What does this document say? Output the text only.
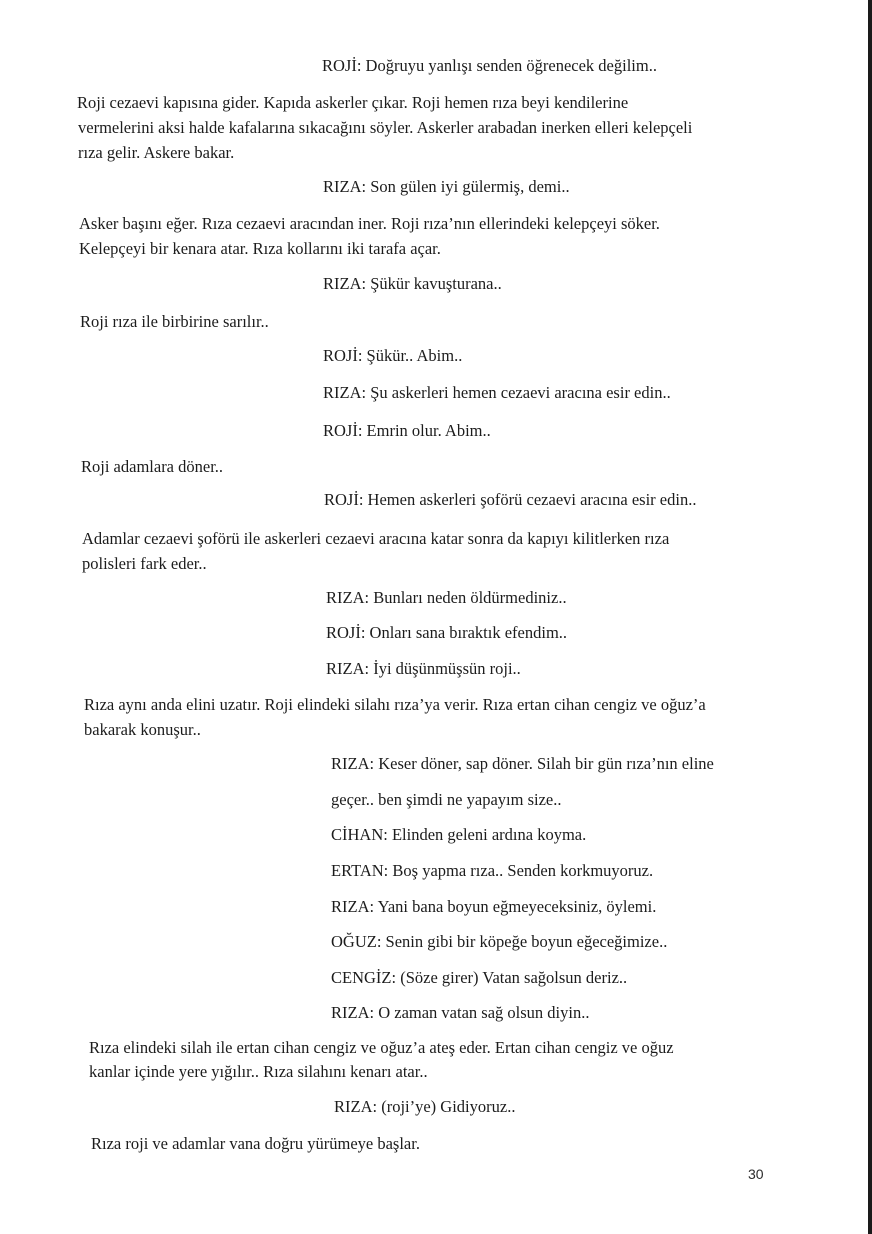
ROJİ: Doğruyu yanlışı senden öğrenecek değilim..
Roji cezaevi kapısına gider. Kapıda askerler çıkar. Roji hemen rıza beyi kendilerine
vermelerini aksi halde kafalarına sıkacağını söyler. Askerler arabadan inerken elleri kelepçeli
rıza gelir. Askere bakar.
RIZA: Son gülen iyi gülermiş, demi..
Asker başını eğer. Rıza cezaevi aracından iner. Roji rıza’nın ellerindeki kelepçeyi söker.
Kelepçeyi bir kenara atar. Rıza kollarını iki tarafa açar.
RIZA: Şükür kavuşturana..
Roji rıza ile birbirine sarılır..
ROJİ: Şükür.. Abim..
RIZA: Şu askerleri hemen cezaevi aracına esir edin..
ROJİ: Emrin olur. Abim..
Roji adamlara döner..
ROJİ: Hemen askerleri şoförü cezaevi aracına esir edin..
Adamlar cezaevi şoförü ile askerleri cezaevi aracına katar sonra da kapıyı kilitlerken rıza
polisleri fark eder..
RIZA: Bunları neden öldürmediniz..
ROJİ: Onları sana bıraktık efendim..
RIZA: İyi düşünmüşsün roji..
Rıza aynı anda elini uzatır. Roji elindeki silahı rıza’ya verir. Rıza ertan cihan cengiz ve oğuz’a
bakarak konuşur..
RIZA: Keser döner, sap döner. Silah bir gün rıza’nın eline
geçer.. ben şimdi ne yapayım size..
CİHAN: Elinden geleni ardına koyma.
ERTAN: Boş yapma rıza.. Senden korkmuyoruz.
RIZA: Yani bana boyun eğmeyeceksiniz, öylemi.
OĞUZ: Senin gibi bir köpeğe boyun eğeceğimize..
CENGİZ: (Söze girer) Vatan sağolsun deriz..
RIZA: O zaman vatan sağ olsun diyin..
Rıza elindeki silah ile ertan cihan cengiz ve oğuz’a ateş eder. Ertan cihan cengiz ve oğuz
kanlar içinde yere yığılır.. Rıza silahını kenarı atar..
RIZA: (roji’ye) Gidiyoruz..
Rıza roji ve adamlar vana doğru yürümeye başlar.
30
